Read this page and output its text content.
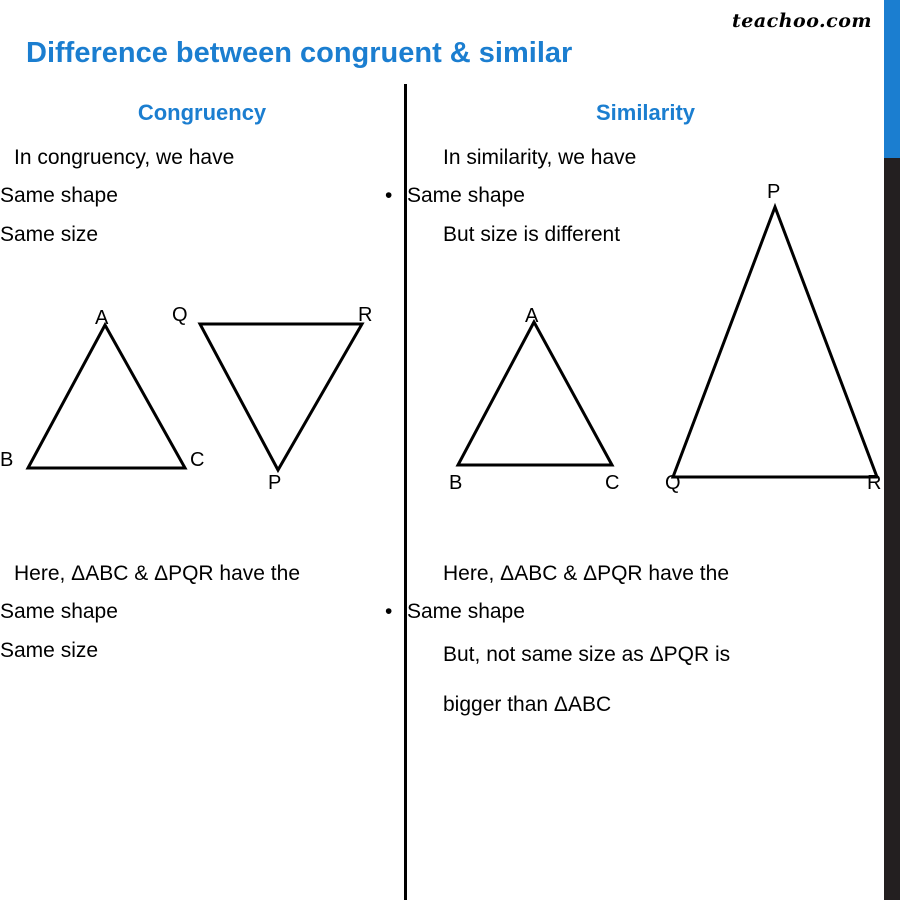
teachoo.com
Difference between congruent & similar
Congruency

In congruency, we have

• Same shape
• Same size
A
B	C
Q	R
P

Here, ΔABC & ΔPQR have the

• Same shape
• Same size
Similarity

In similarity, we have

• Same shape

But size is different

A
B	C
P
Q	R

Here, ΔABC & ΔPQR have the

• Same shape

But, not same size as ΔPQR is

bigger than ΔABC
